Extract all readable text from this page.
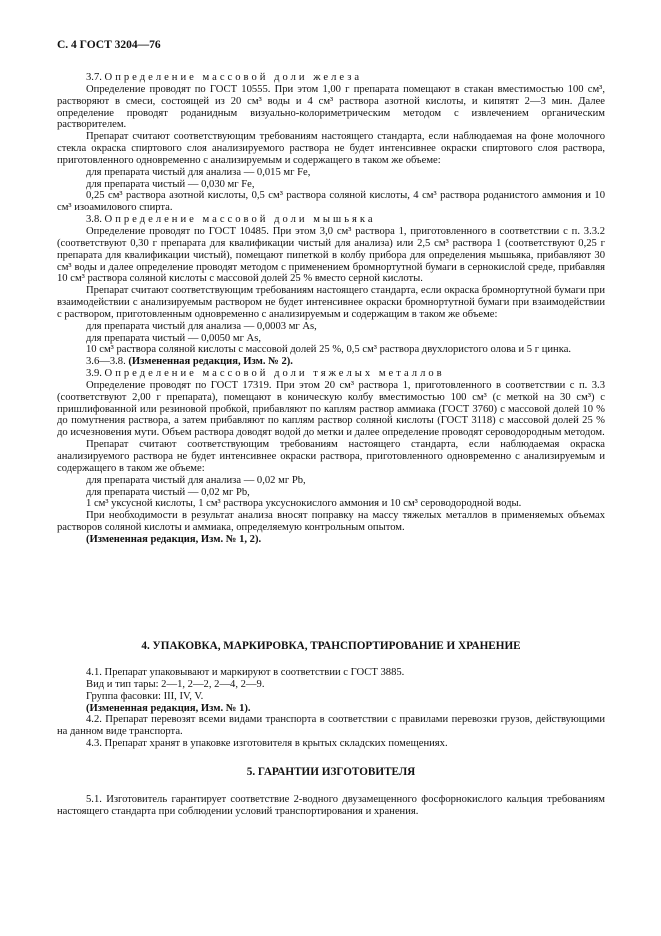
С. 4 ГОСТ 3204—76

3.7. Определение массовой доли железа

Определение проводят по ГОСТ 10555. При этом 1,00 г препарата помещают в стакан вместимостью 100 см³, растворяют в смеси, состоящей из 20 см³ воды и 4 см³ раствора азотной кислоты, и кипятят 2—3 мин. Далее определение проводят роданидным визуально-колориметрическим методом с извлечением органическим растворителем.

Препарат считают соответствующим требованиям настоящего стандарта, если наблюдаемая на фоне молочного стекла окраска спиртового слоя анализируемого раствора не будет интенсивнее окраски спиртового слоя раствора, приготовленного одновременно с анализируемым и содержащего в таком же объеме:

для препарата чистый для анализа — 0,015 мг Fe,

для препарата чистый — 0,030 мг Fe,

0,25 см³ раствора азотной кислоты, 0,5 см³ раствора соляной кислоты, 4 см³ раствора роданистого аммония и 10 см³ изоамилового спирта.

3.8. Определение массовой доли мышьяка

Определение проводят по ГОСТ 10485. При этом 3,0 см³ раствора 1, приготовленного в соответствии с п. 3.3.2 (соответствуют 0,30 г препарата для квалификации чистый для анализа) или 2,5 см³ раствора 1 (соответствуют 0,25 г препарата для квалификации чистый), помещают пипеткой в колбу прибора для определения мышьяка, прибавляют 30 см³ воды и далее определение проводят методом с применением бромнортутной бумаги в сернокислой среде, прибавляя 10 см³ раствора соляной кислоты с массовой долей 25 % вместо серной кислоты.

Препарат считают соответствующим требованиям настоящего стандарта, если окраска бромнортутной бумаги при взаимодействии с анализируемым раствором не будет интенсивнее окраски бромнортутной бумаги при взаимодействии с раствором, приготовленным одновременно с анализируемым и содержащим в таком же объеме:

для препарата чистый для анализа — 0,0003 мг As,

для препарата чистый — 0,0050 мг As,

10 см³ раствора соляной кислоты с массовой долей 25 %, 0,5 см³ раствора двухлористого олова и 5 г цинка.

3.6—3.8. (Измененная редакция, Изм. № 2).

3.9. Определение массовой доли тяжелых металлов

Определение проводят по ГОСТ 17319. При этом 20 см³ раствора 1, приготовленного в соответствии с п. 3.3 (соответствуют 2,00 г препарата), помещают в коническую колбу вместимостью 100 см³ (с меткой на 30 см³) с пришлифованной или резиновой пробкой, прибавляют по каплям раствор аммиака (ГОСТ 3760) с массовой долей 10 % до помутнения раствора, а затем прибавляют по каплям раствор соляной кислоты (ГОСТ 3118) с массовой долей 25 % до исчезновения мути. Объем раствора доводят водой до метки и далее определение проводят сероводородным методом.

Препарат считают соответствующим требованиям настоящего стандарта, если наблюдаемая окраска анализируемого раствора не будет интенсивнее окраски раствора, приготовленного одновременно с анализируемым и содержащего в таком же объеме:

для препарата чистый для анализа — 0,02 мг Pb,

для препарата чистый — 0,02 мг Pb,

1 см³ уксусной кислоты, 1 см³ раствора уксуснокислого аммония и 10 см³ сероводородной воды.

При необходимости в результат анализа вносят поправку на массу тяжелых металлов в применяемых объемах растворов соляной кислоты и аммиака, определяемую контрольным опытом.

(Измененная редакция, Изм. № 1, 2).

4. УПАКОВКА, МАРКИРОВКА, ТРАНСПОРТИРОВАНИЕ И ХРАНЕНИЕ

4.1. Препарат упаковывают и маркируют в соответствии с ГОСТ 3885.

Вид и тип тары: 2—1, 2—2, 2—4, 2—9.

Группа фасовки: III, IV, V.

(Измененная редакция, Изм. № 1).

4.2. Препарат перевозят всеми видами транспорта в соответствии с правилами перевозки грузов, действующими на данном виде транспорта.

4.3. Препарат хранят в упаковке изготовителя в крытых складских помещениях.

5. ГАРАНТИИ ИЗГОТОВИТЕЛЯ

5.1. Изготовитель гарантирует соответствие 2-водного двузамещенного фосфорнокислого кальция требованиям настоящего стандарта при соблюдении условий транспортирования и хранения.
